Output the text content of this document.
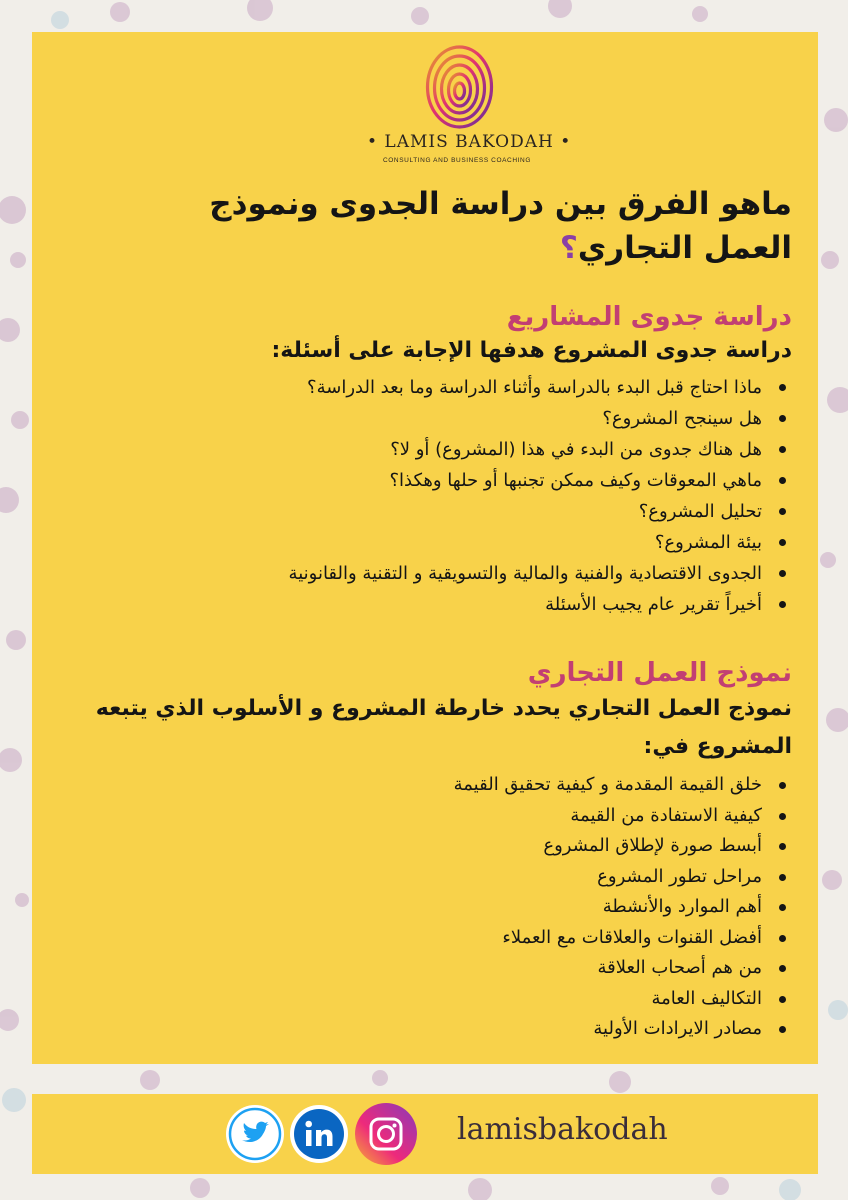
• LAMIS BAKODAH •
CONSULTING AND BUSINESS COACHING
ماهو الفرق بين دراسة الجدوى ونموذج العمل التجاري؟
دراسة جدوى المشاريع
دراسة جدوى المشروع هدفها الإجابة على أسئلة:
ماذا احتاج قبل البدء بالدراسة وأثناء الدراسة وما بعد الدراسة؟
هل سينجح المشروع؟
هل هناك جدوى من البدء في هذا (المشروع) أو لا؟
ماهي المعوقات وكيف ممكن تجنبها أو حلها وهكذا؟
تحليل المشروع؟
بيئة المشروع؟
الجدوى الاقتصادية والفنية والمالية والتسويقية و التقنية والقانونية
أخيراً تقرير عام يجيب الأسئلة
نموذج العمل التجاري
نموذج العمل التجاري يحدد خارطة المشروع و الأسلوب الذي يتبعه المشروع في:
خلق القيمة المقدمة و كيفية تحقيق القيمة
كيفية الاستفادة من القيمة
أبسط صورة لإطلاق المشروع
مراحل تطور المشروع
أهم الموارد والأنشطة
أفضل القنوات والعلاقات مع العملاء
من هم أصحاب العلاقة
التكاليف العامة
مصادر الايرادات الأولية
lamisbakodah
